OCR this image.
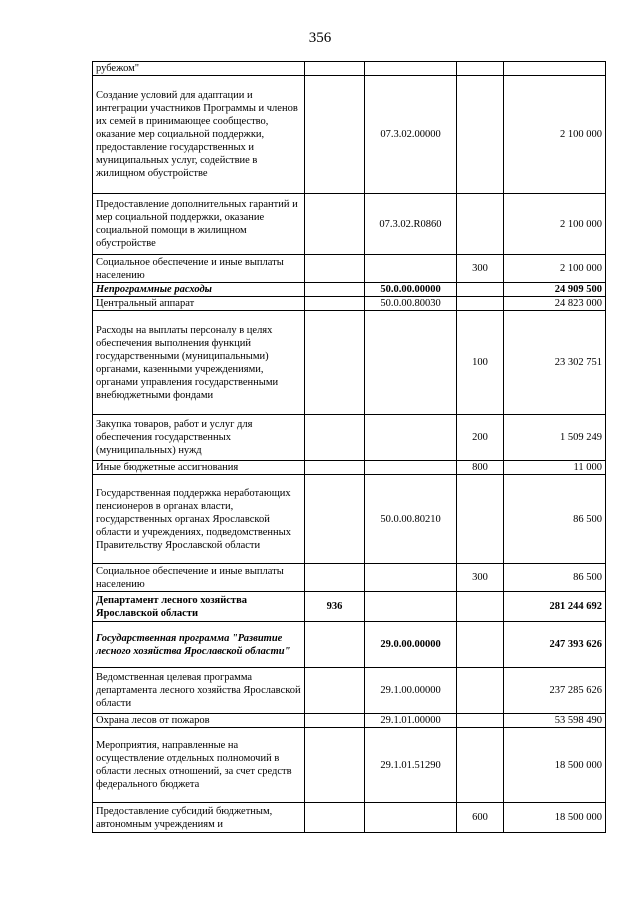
356
рубежом"				
Создание условий для адаптации и интеграции участников Программы и членов их семей в принимающее сообщество, оказание мер социальной поддержки, предоставление государственных и муниципальных услуг, содействие в жилищном обустройстве		07.3.02.00000		2 100 000
Предоставление дополнительных гарантий и мер социальной поддержки, оказание социальной помощи в жилищном обустройстве		07.3.02.R0860		2 100 000
Социальное обеспечение и иные выплаты населению			300	2 100 000
Непрограммные расходы		50.0.00.00000		24 909 500
Центральный аппарат		50.0.00.80030		24 823 000
Расходы на выплаты персоналу в целях обеспечения выполнения функций государственными (муниципальными) органами, казенными учреждениями, органами управления государственными внебюджетными фондами			100	23 302 751
Закупка товаров, работ и услуг для обеспечения государственных (муниципальных) нужд			200	1 509 249
Иные бюджетные ассигнования			800	11 000
Государственная поддержка неработающих пенсионеров в органах власти, государственных органах Ярославской области и учреждениях, подведомственных Правительству Ярославской области		50.0.00.80210		86 500
Социальное обеспечение и иные выплаты населению			300	86 500
Департамент лесного хозяйства Ярославской области	936			281 244 692
Государственная программа "Развитие лесного хозяйства Ярославской области"		29.0.00.00000		247 393 626
Ведомственная целевая программа департамента лесного хозяйства Ярославской области		29.1.00.00000		237 285 626
Охрана лесов от пожаров		29.1.01.00000		53 598 490
Мероприятия, направленные на осуществление отдельных полномочий в области лесных отношений, за счет средств федерального бюджета		29.1.01.51290		18 500 000
Предоставление субсидий бюджетным, автономным учреждениям и			600	18 500 000
